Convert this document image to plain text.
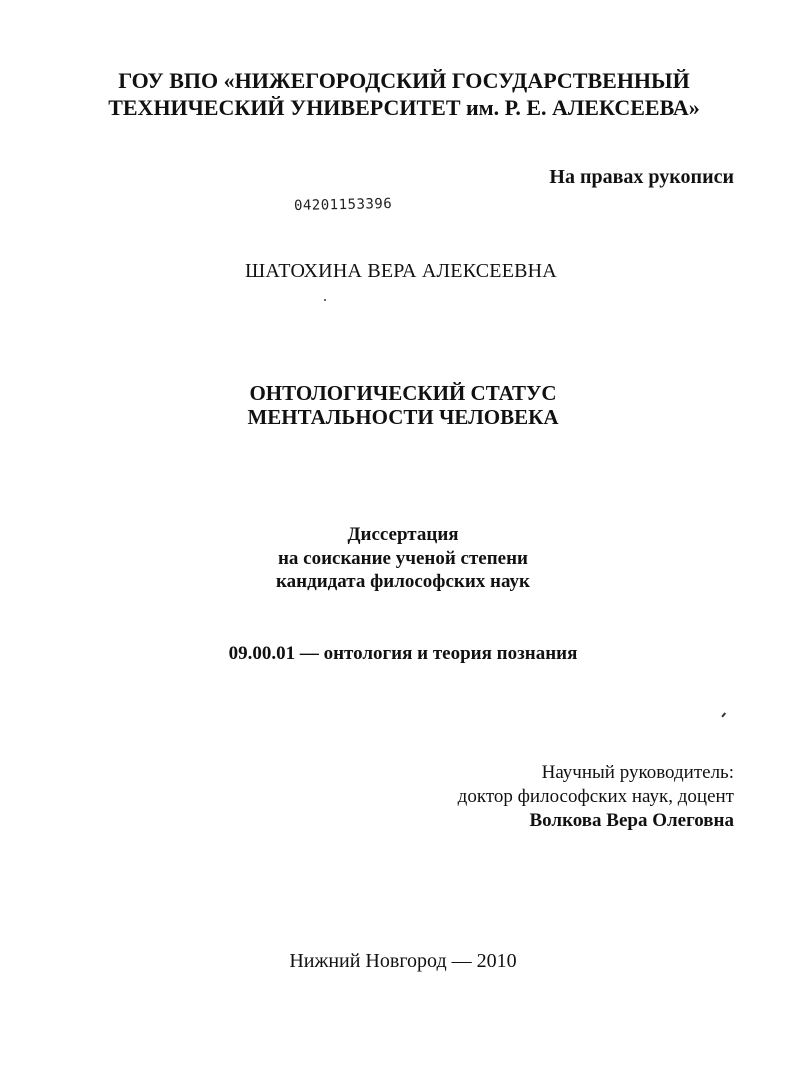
ГОУ ВПО «НИЖЕГОРОДСКИЙ ГОСУДАРСТВЕННЫЙ

ТЕХНИЧЕСКИЙ УНИВЕРСИТЕТ им. Р. Е. АЛЕКСЕЕВА»

На правах рукописи

04201153396

ШАТОХИНА ВЕРА АЛЕКСЕЕВНА

ОНТОЛОГИЧЕСКИЙ СТАТУС

МЕНТАЛЬНОСТИ ЧЕЛОВЕКА

Диссертация

на соискание ученой степени

кандидата философских наук

09.00.01 — онтология и теория познания

Научный руководитель:

доктор философских наук, доцент

Волкова Вера Олеговна

Нижний Новгород — 2010
